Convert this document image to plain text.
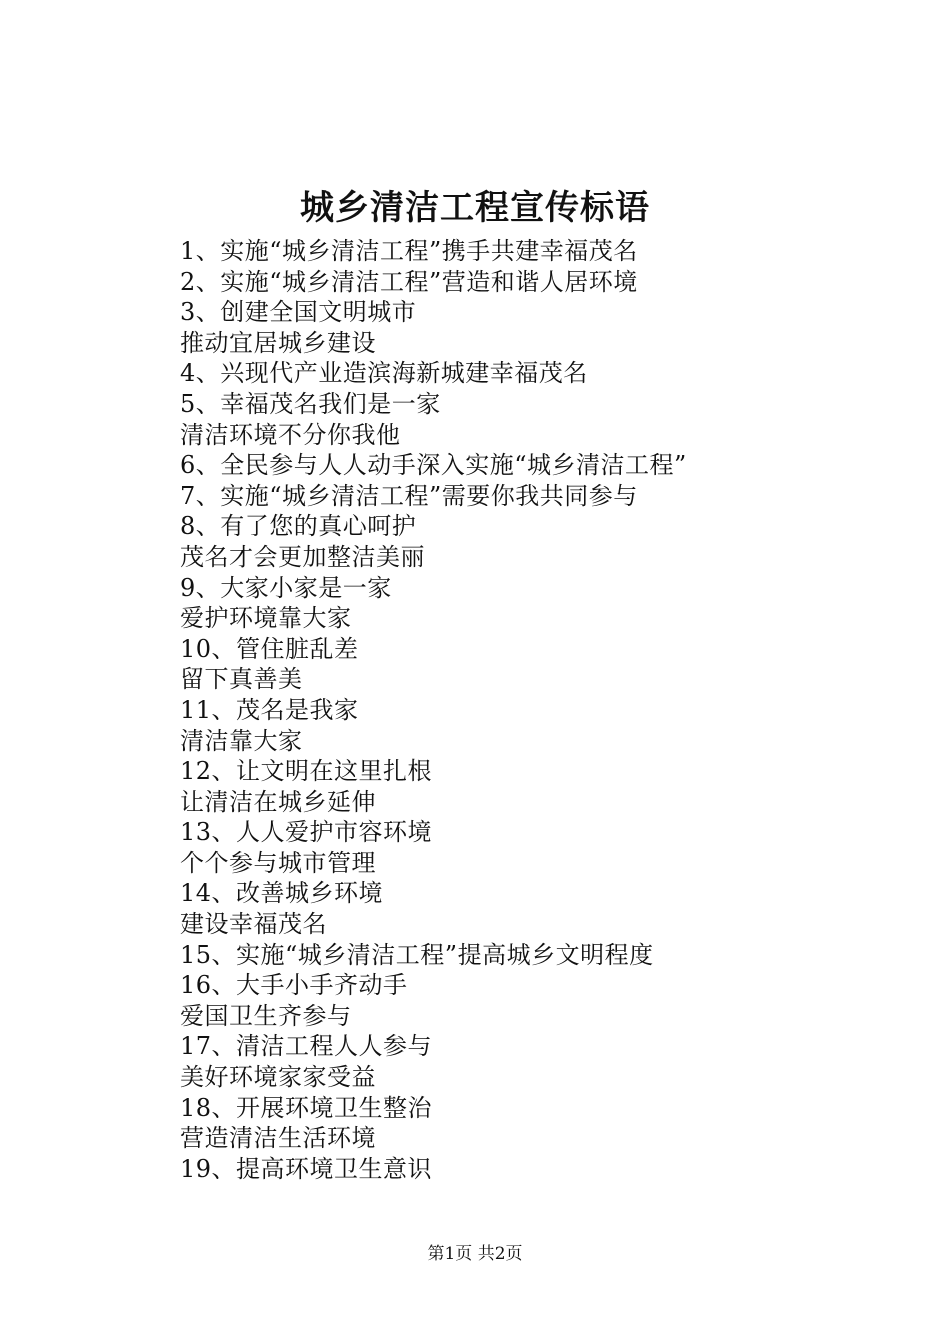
城乡清洁工程宣传标语
1、实施“城乡清洁工程”携手共建幸福茂名
2、实施“城乡清洁工程”营造和谐人居环境
3、创建全国文明城市
推动宜居城乡建设
4、兴现代产业造滨海新城建幸福茂名
5、幸福茂名我们是一家
清洁环境不分你我他
6、全民参与人人动手深入实施“城乡清洁工程”
7、实施“城乡清洁工程”需要你我共同参与
8、有了您的真心呵护
茂名才会更加整洁美丽
9、大家小家是一家
爱护环境靠大家
10、管住脏乱差
留下真善美
11、茂名是我家
清洁靠大家
12、让文明在这里扎根
让清洁在城乡延伸
13、人人爱护市容环境
个个参与城市管理
14、改善城乡环境
建设幸福茂名
15、实施“城乡清洁工程”提高城乡文明程度
16、大手小手齐动手
爱国卫生齐参与
17、清洁工程人人参与
美好环境家家受益
18、开展环境卫生整治
营造清洁生活环境
19、提高环境卫生意识
第1页 共2页
